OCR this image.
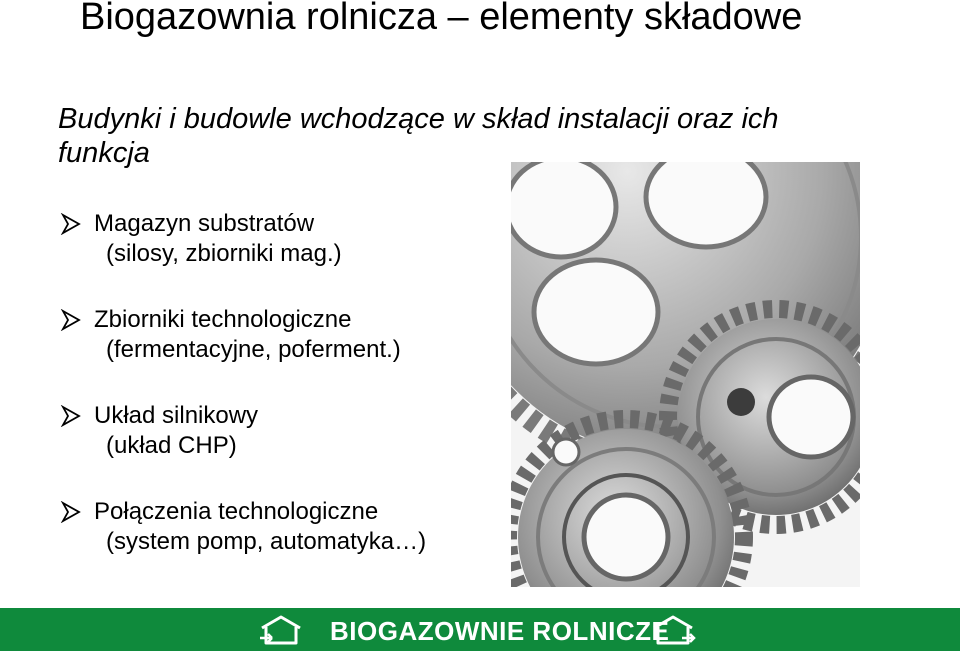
Biogazownia rolnicza – elementy składowe
Budynki i budowle wchodzące w skład instalacji oraz ich funkcja
Magazyn substratów
(silosy, zbiorniki mag.)
Zbiorniki technologiczne
(fermentacyjne, poferment.)
Układ silnikowy
(układ CHP)
Połączenia technologiczne
(system pomp, automatyka…)
BIOGAZOWNIE ROLNICZE
